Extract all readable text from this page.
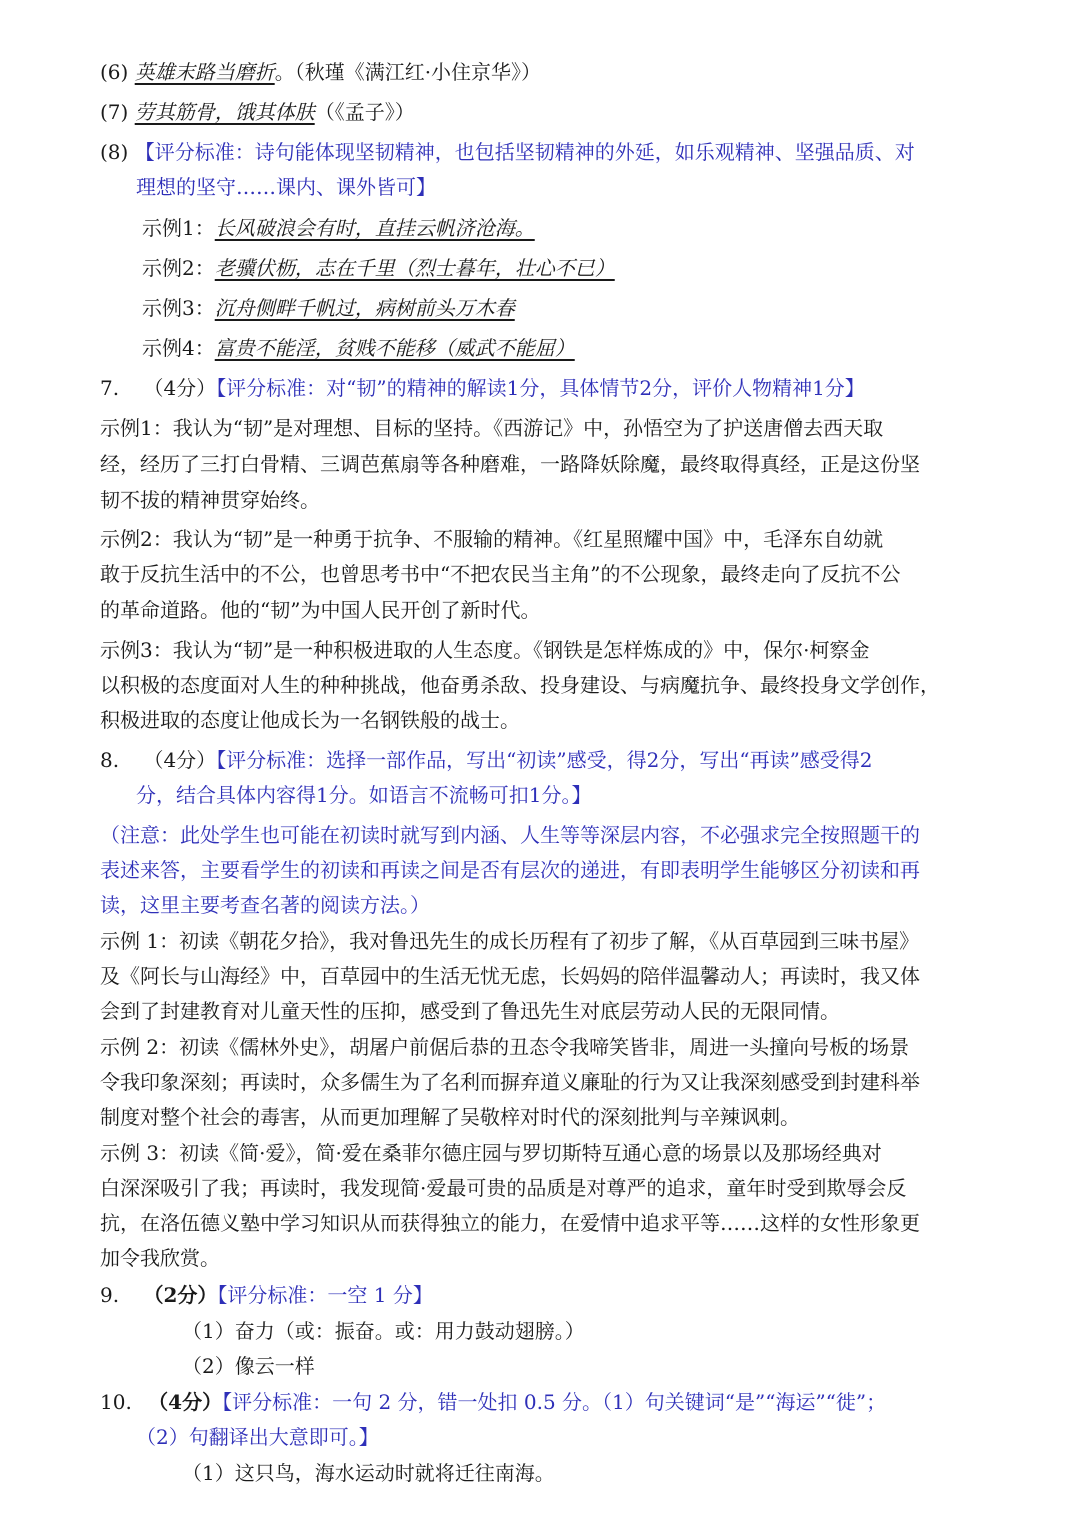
(6) 英雄末路当磨折。（秋瑾《满江红·小住京华》）
(7) 劳其筋骨，饿其体肤（《孟子》）
(8) 【评分标准：诗句能体现坚韧精神，也包括坚韧精神的外延，如乐观精神、坚强品质、对
理想的坚守……课内、课外皆可】
示例1：长风破浪会有时，直挂云帆济沧海。
示例2：老骥伏枥，志在千里（烈士暮年，壮心不已）
示例3：沉舟侧畔千帆过，病树前头万木春
示例4：富贵不能淫，贫贱不能移（威武不能屈）
7. （4分）【评分标准：对“韧”的精神的解读1分，具体情节2分，评价人物精神1分】
示例1：我认为“韧”是对理想、目标的坚持。《西游记》中，孙悟空为了护送唐僧去西天取
经，经历了三打白骨精、三调芭蕉扇等各种磨难，一路降妖除魔，最终取得真经，正是这份坚
韧不拔的精神贯穿始终。
示例2：我认为“韧”是一种勇于抗争、不服输的精神。《红星照耀中国》中，毛泽东自幼就
敢于反抗生活中的不公，也曾思考书中“不把农民当主角”的不公现象，最终走向了反抗不公
的革命道路。他的“韧”为中国人民开创了新时代。
示例3：我认为“韧”是一种积极进取的人生态度。《钢铁是怎样炼成的》中，保尔·柯察金
以积极的态度面对人生的种种挑战，他奋勇杀敌、投身建设、与病魔抗争、最终投身文学创作，
积极进取的态度让他成长为一名钢铁般的战士。
8. （4分）【评分标准：选择一部作品，写出“初读”感受，得2分，写出“再读”感受得2
分，结合具体内容得1分。如语言不流畅可扣1分。】
（注意：此处学生也可能在初读时就写到内涵、人生等等深层内容，不必强求完全按照题干的
表述来答，主要看学生的初读和再读之间是否有层次的递进，有即表明学生能够区分初读和再
读，这里主要考查名著的阅读方法。）
示例 1：初读《朝花夕拾》，我对鲁迅先生的成长历程有了初步了解，《从百草园到三味书屋》
及《阿长与山海经》中，百草园中的生活无忧无虑，长妈妈的陪伴温馨动人；再读时，我又体
会到了封建教育对儿童天性的压抑，感受到了鲁迅先生对底层劳动人民的无限同情。
示例 2：初读《儒林外史》，胡屠户前倨后恭的丑态令我啼笑皆非，周进一头撞向号板的场景
令我印象深刻；再读时，众多儒生为了名利而摒弃道义廉耻的行为又让我深刻感受到封建科举
制度对整个社会的毒害，从而更加理解了吴敬梓对时代的深刻批判与辛辣讽刺。
示例 3：初读《简·爱》，简·爱在桑菲尔德庄园与罗切斯特互通心意的场景以及那场经典对
白深深吸引了我；再读时，我发现简·爱最可贵的品质是对尊严的追求，童年时受到欺辱会反
抗，在洛伍德义塾中学习知识从而获得独立的能力，在爱情中追求平等……这样的女性形象更
加令我欣赏。
9. （2分）【评分标准：一空 1 分】
（1）奋力（或：振奋。或：用力鼓动翅膀。）
（2）像云一样
10. （4分）【评分标准：一句 2 分，错一处扣 0.5 分。（1）句关键词“是”“海运”“徙”；
（2）句翻译出大意即可。】
（1）这只鸟，海水运动时就将迁往南海。
